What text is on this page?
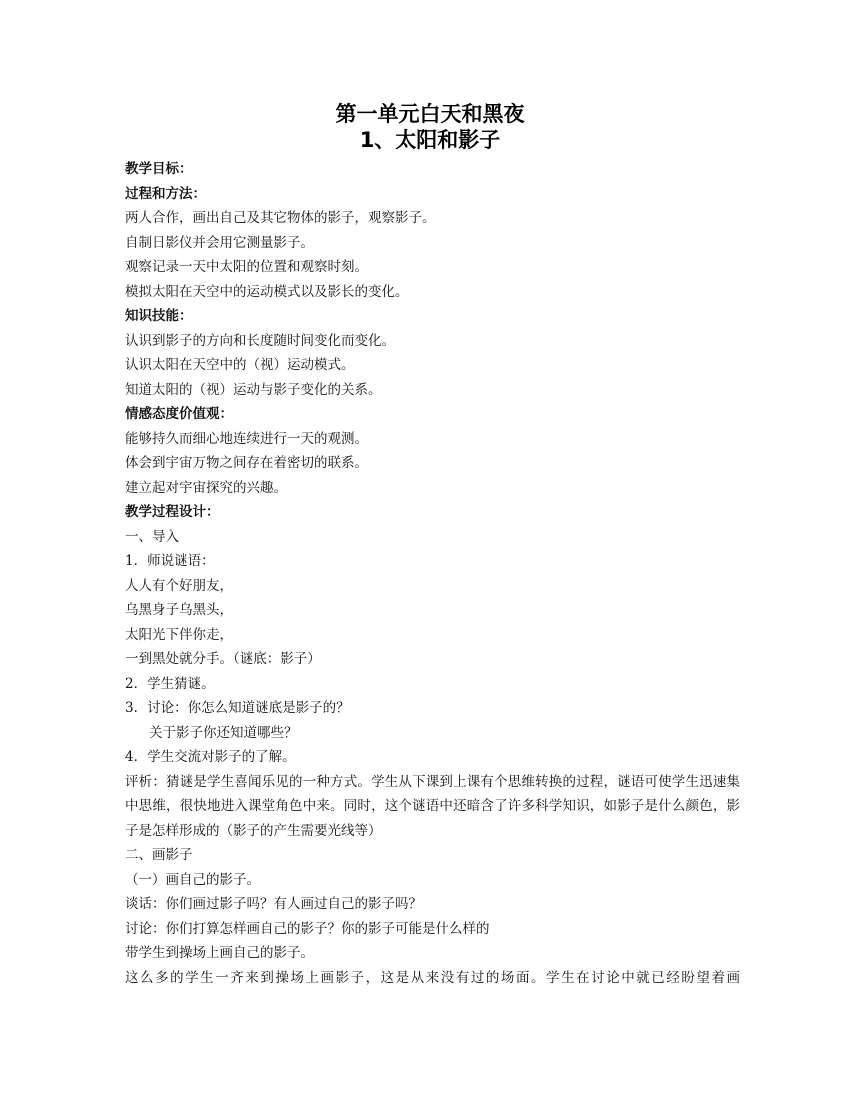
第一单元白天和黑夜
1、太阳和影子
教学目标：
过程和方法：
两人合作，画出自己及其它物体的影子，观察影子。
自制日影仪并会用它测量影子。
观察记录一天中太阳的位置和观察时刻。
模拟太阳在天空中的运动模式以及影长的变化。
知识技能：
认识到影子的方向和长度随时间变化而变化。
认识太阳在天空中的（视）运动模式。
知道太阳的（视）运动与影子变化的关系。
情感态度价值观：
能够持久而细心地连续进行一天的观测。
体会到宇宙万物之间存在着密切的联系。
建立起对宇宙探究的兴趣。
教学过程设计：
一、导入
1．师说谜语：
人人有个好朋友，
乌黑身子乌黑头，
太阳光下伴你走，
一到黑处就分手。（谜底：影子）
2．学生猜谜。
3．讨论：你怎么知道谜底是影子的？
关于影子你还知道哪些？
4．学生交流对影子的了解。
评析：猜谜是学生喜闻乐见的一种方式。学生从下课到上课有个思维转换的过程，谜语可使学生迅速集中思维，很快地进入课堂角色中来。同时，这个谜语中还暗含了许多科学知识，如影子是什么颜色，影子是怎样形成的（影子的产生需要光线等）
二、画影子
（一）画自己的影子。
谈话：你们画过影子吗？有人画过自己的影子吗？
讨论：你们打算怎样画自己的影子？你的影子可能是什么样的
带学生到操场上画自己的影子。
这么多的学生一齐来到操场上画影子，这是从来没有过的场面。学生在讨论中就已经盼望着画
